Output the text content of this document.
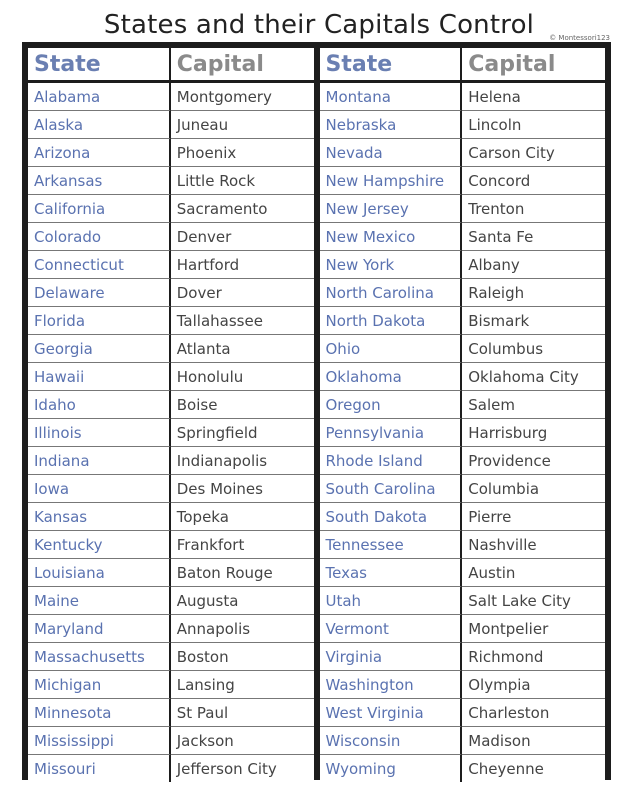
States and their Capitals Control	© Montessori123
State	Capital
Alabama	Montgomery
Alaska	Juneau
Arizona	Phoenix
Arkansas	Little Rock
California	Sacramento
Colorado	Denver
Connecticut	Hartford
Delaware	Dover
Florida	Tallahassee
Georgia	Atlanta
Hawaii	Honolulu
Idaho	Boise
Illinois	Springfield
Indiana	Indianapolis
Iowa	Des Moines
Kansas	Topeka
Kentucky	Frankfort
Louisiana	Baton Rouge
Maine	Augusta
Maryland	Annapolis
Massachusetts	Boston
Michigan	Lansing
Minnesota	St Paul
Mississippi	Jackson
Missouri	Jefferson City
State	Capital
Montana	Helena
Nebraska	Lincoln
Nevada	Carson City
New Hampshire	Concord
New Jersey	Trenton
New Mexico	Santa Fe
New York	Albany
North Carolina	Raleigh
North Dakota	Bismark
Ohio	Columbus
Oklahoma	Oklahoma City
Oregon	Salem
Pennsylvania	Harrisburg
Rhode Island	Providence
South Carolina	Columbia
South Dakota	Pierre
Tennessee	Nashville
Texas	Austin
Utah	Salt Lake City
Vermont	Montpelier
Virginia	Richmond
Washington	Olympia
West Virginia	Charleston
Wisconsin	Madison
Wyoming	Cheyenne
